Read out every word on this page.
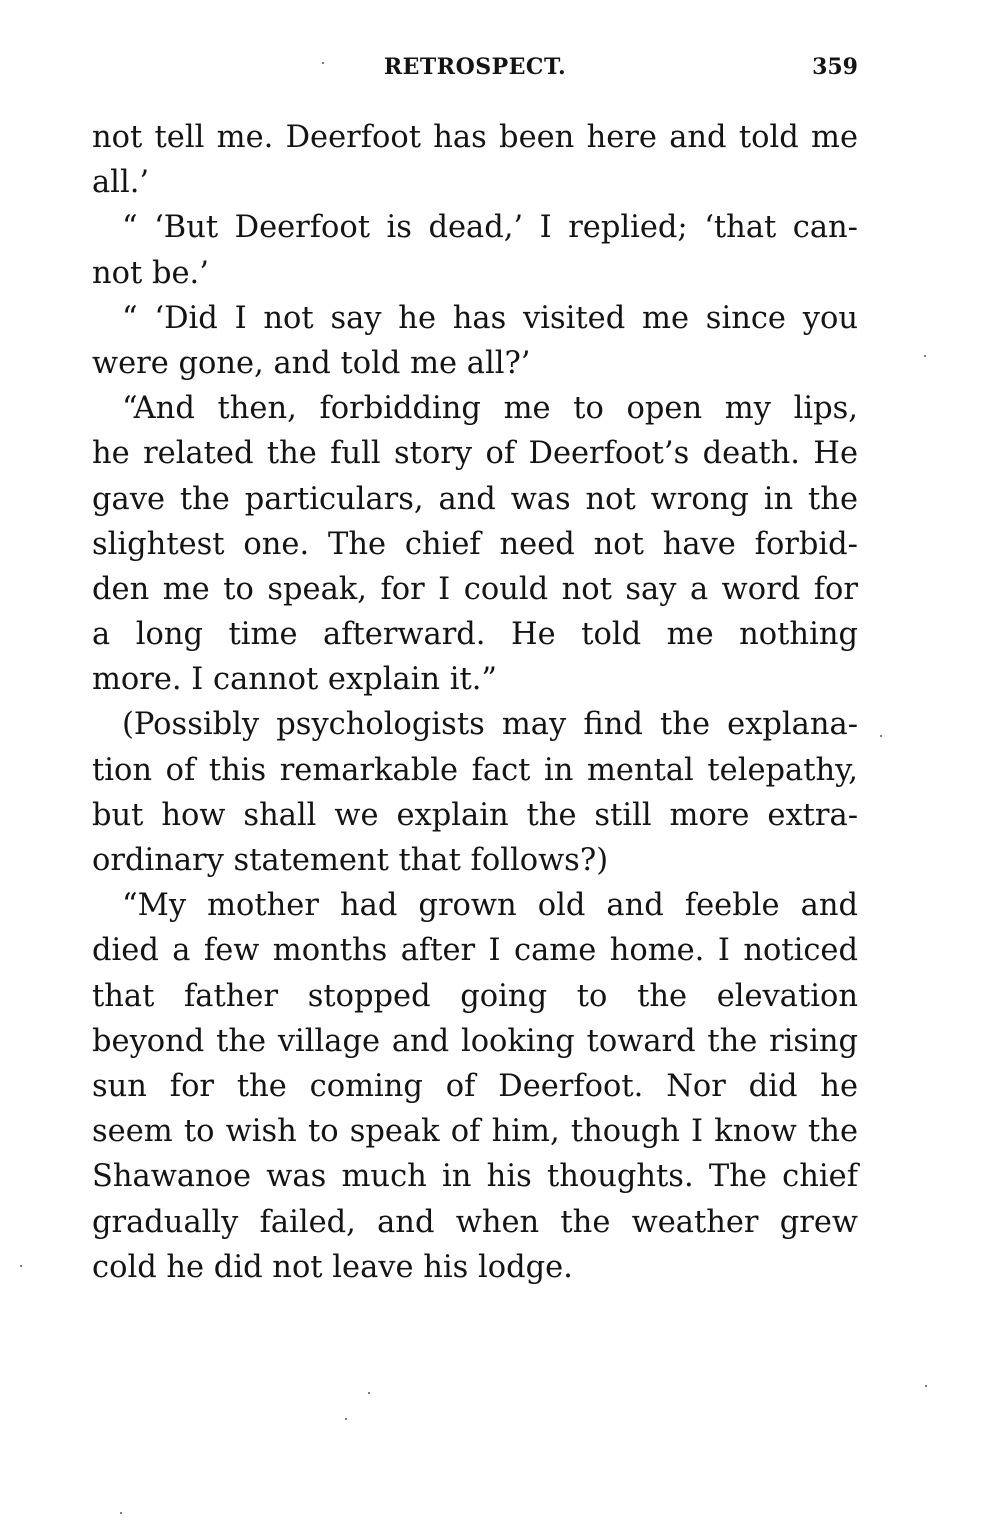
RETROSPECT.	359
not tell me. Deerfoot has been here and told me
all.’
“ ‘But Deerfoot is dead,’ I replied; ‘that can-
not be.’
“ ‘Did I not say he has visited me since you
were gone, and told me all?’
“And then, forbidding me to open my lips,
he related the full story of Deerfoot’s death. He
gave the particulars, and was not wrong in the
slightest one. The chief need not have forbid-
den me to speak, for I could not say a word for
a long time afterward. He told me nothing
more. I cannot explain it.”
(Possibly psychologists may find the explana-
tion of this remarkable fact in mental telepathy,
but how shall we explain the still more extra-
ordinary statement that follows?)
“My mother had grown old and feeble and
died a few months after I came home. I noticed
that father stopped going to the elevation
beyond the village and looking toward the rising
sun for the coming of Deerfoot. Nor did he
seem to wish to speak of him, though I know the
Shawanoe was much in his thoughts. The chief
gradually failed, and when the weather grew
cold he did not leave his lodge.
